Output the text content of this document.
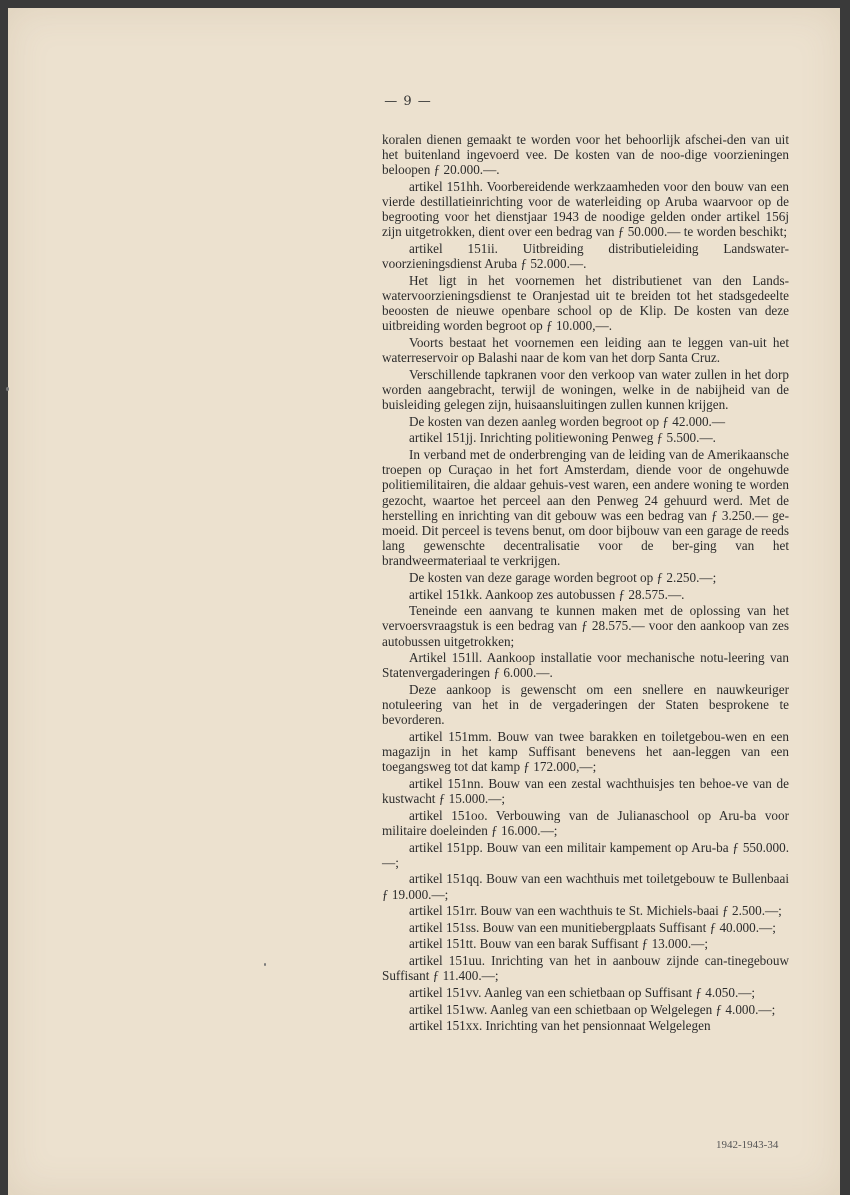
— 9 —

koralen dienen gemaakt te worden voor het behoorlijk afschei-den van uit het buitenland ingevoerd vee. De kosten van de noo-dige voorzieningen beloopen ƒ 20.000.—.

artikel 151hh. Voorbereidende werkzaamheden voor den bouw van een vierde destillatieinrichting voor de waterleiding op Aruba waarvoor op de begrooting voor het dienstjaar 1943 de noodige gelden onder artikel 156j zijn uitgetrokken, dient over een bedrag van ƒ 50.000.— te worden beschikt;

artikel 151ii. Uitbreiding distributieleiding Landswater-voorzieningsdienst Aruba ƒ 52.000.—.

Het ligt in het voornemen het distributienet van den Lands-watervoorzieningsdienst te Oranjestad uit te breiden tot het stadsgedeelte beoosten de nieuwe openbare school op de Klip. De kosten van deze uitbreiding worden begroot op ƒ 10.000,—.

Voorts bestaat het voornemen een leiding aan te leggen van-uit het waterreservoir op Balashi naar de kom van het dorp Santa Cruz.

Verschillende tapkranen voor den verkoop van water zullen in het dorp worden aangebracht, terwijl de woningen, welke in de nabijheid van de buisleiding gelegen zijn, huisaansluitingen zullen kunnen krijgen.

De kosten van dezen aanleg worden begroot op ƒ 42.000.—

artikel 151jj. Inrichting politiewoning Penweg ƒ 5.500.—.

In verband met de onderbrenging van de leiding van de Amerikaansche troepen op Curaçao in het fort Amsterdam, diende voor de ongehuwde politiemilitairen, die aldaar gehuis-vest waren, een andere woning te worden gezocht, waartoe het perceel aan den Penweg 24 gehuurd werd. Met de herstelling en inrichting van dit gebouw was een bedrag van ƒ 3.250.— ge-moeid. Dit perceel is tevens benut, om door bijbouw van een garage de reeds lang gewenschte decentralisatie voor de ber-ging van het brandweermateriaal te verkrijgen.

De kosten van deze garage worden begroot op ƒ 2.250.—;

artikel 151kk. Aankoop zes autobussen ƒ 28.575.—.

Teneinde een aanvang te kunnen maken met de oplossing van het vervoersvraagstuk is een bedrag van ƒ 28.575.— voor den aankoop van zes autobussen uitgetrokken;

Artikel 151ll. Aankoop installatie voor mechanische notu-leering van Statenvergaderingen ƒ 6.000.—.

Deze aankoop is gewenscht om een snellere en nauwkeuriger notuleering van het in de vergaderingen der Staten besprokene te bevorderen.

artikel 151mm. Bouw van twee barakken en toiletgebou-wen en een magazijn in het kamp Suffisant benevens het aan-leggen van een toegangsweg tot dat kamp ƒ 172.000,—;

artikel 151nn. Bouw van een zestal wachthuisjes ten behoe-ve van de kustwacht ƒ 15.000.—;

artikel 151oo. Verbouwing van de Julianaschool op Aru-ba voor militaire doeleinden ƒ 16.000.—;

artikel 151pp. Bouw van een militair kampement op Aru-ba ƒ 550.000.—;

artikel 151qq. Bouw van een wachthuis met toiletgebouw te Bullenbaai ƒ 19.000.—;

artikel 151rr. Bouw van een wachthuis te St. Michiels-baai ƒ 2.500.—;

artikel 151ss. Bouw van een munitiebergplaats Suffisant ƒ 40.000.—;

artikel 151tt. Bouw van een barak Suffisant ƒ 13.000.—;

artikel 151uu. Inrichting van het in aanbouw zijnde can-tinegebouw Suffisant ƒ 11.400.—;

artikel 151vv. Aanleg van een schietbaan op Suffisant ƒ 4.050.—;

artikel 151ww. Aanleg van een schietbaan op Welgelegen ƒ 4.000.—;

artikel 151xx. Inrichting van het pensionnaat Welgelegen

1942-1943-34
